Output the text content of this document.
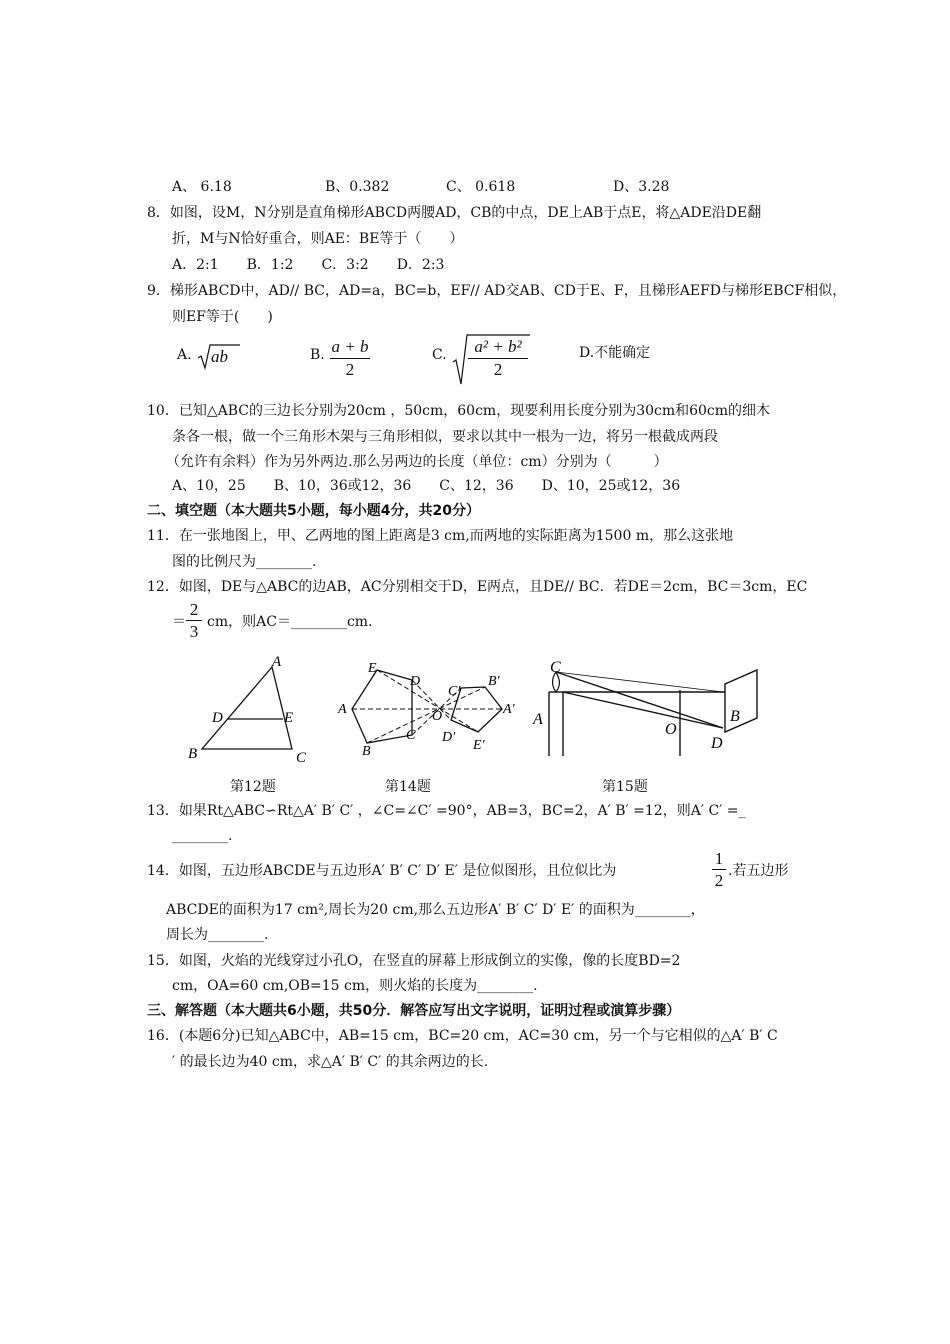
A、 6.18	B、0.382	C、 0.618	D、3.28
8．如图，设M，N分别是直角梯形ABCD两腰AD，CB的中点，DE上AB于点E，将△ADE沿DE翻
折，M与N恰好重合，则AE：BE等于（　　）
A．2:1　　B．1:2　　C．3:2　　D．2:3
9．梯形ABCD中，AD// BC，AD=a，BC=b，EF// AD交AB、CD于E、F，且梯形AEFD与梯形EBCF相似，
则EF等于(　　)
A. ab	B. $\frac{a + b}{2}$	C. $\frac{\text{a² + b²}}{2}$	D.不能确定
10．已知△ABC的三边长分别为20cm ，50cm，60cm，现要利用长度分别为30cm和60cm的细木
条各一根，做一个三角形木架与三角形相似，要求以其中一根为一边，将另一根截成两段
（允许有余料）作为另外两边.那么另两边的长度（单位：cm）分别为（　　　）
A、10，25　　B、10，36或12，36　　C、12，36　　D、10，25或12，36
二、填空题（本大题共5小题，每小题4分，共20分）
11．在一张地图上，甲、乙两地的图上距离是3 cm,而两地的实际距离为1500 m，那么这张地
图的比例尺为________.
12．如图，DE与△ABC的边AB，AC分别相交于D，E两点，且DE// BC．若DE＝2cm，BC＝3cm，EC
＝ $\frac{2}{3}$ cm，则AC＝________cm.
A
B	C
D	E
A
B
C
D
E
O	A′
B′
C′
D′
E′
C
A
O
B
D
第12题	第14题	第15题
13．如果Rt△ABC∽Rt△A′ B′ C′ ，∠C=∠C′ =90°，AB=3，BC=2，A′ B′ =12，则A′ C′ =_
________.
14．如图，五边形ABCDE与五边形A′ B′ C′ D′ E′ 是位似图形，且位似比为	$\frac{1}{2}$ .若五边形
ABCDE的面积为17 cm²,周长为20 cm,那么五边形A′ B′ C′ D′ E′ 的面积为________，
周长为________.
15．如图，火焰的光线穿过小孔O，在竖直的屏幕上形成倒立的实像，像的长度BD=2
cm，OA=60 cm,OB=15 cm，则火焰的长度为________.
三、解答题（本大题共6小题，共50分．解答应写出文字说明，证明过程或演算步骤）
16．(本题6分)已知△ABC中，AB=15 cm，BC=20 cm，AC=30 cm，另一个与它相似的△A′ B′ C
′ 的最长边为40 cm，求△A′ B′ C′ 的其余两边的长.
